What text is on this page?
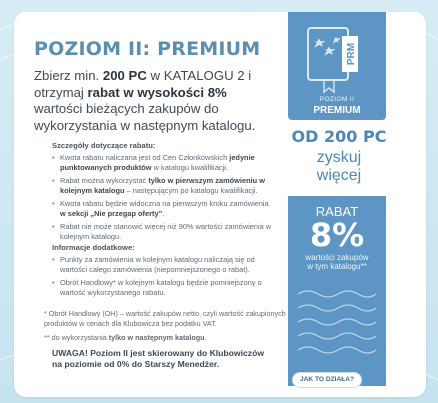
POZIOM II: PREMIUM
Zbierz min. 200 PC w KATALOGU 2 i otrzymaj rabat w wysokości 8% wartości bieżących zakupów do wykorzystania w następnym katalogu.
Szczegóły dotyczące rabatu:
• Kwota rabatu naliczana jest od Cen Członkowskich jedynie punktowanych produktów w katalogu kwalifikacji.
• Rabat można wykorzystać tylko w pierwszym zamówieniu w kolejnym katalogu – następującym po katalogu kwalifikacji.
• Kwota rabatu będzie widoczna na pierwszym kroku zamówienia w sekcji „Nie przegap oferty”.
• Rabat nie może stanowić więcej niż 90% wartości zamówienia w kolejnym katalogu.
Informacje dodatkowe:
• Punkty za zamówienia w kolejnym katalogu naliczają się od wartości całego zamówienia (niepomniejszonego o rabat).
• Obrót Handlowy* w kolejnym katalogu będzie pomniejszony o wartość wykorzystanego rabatu.
* Obrót Handlowy (OH) – wartość zakupów netto, czyli wartość zakupionych produktów w cenach dla Klubowicza bez podatku VAT.
** do wykorzystania tylko w następnym katalogu.
UWAGA! Poziom II jest skierowany do Klubowiczów
na poziomie od 0% do Starszy Menedżer.
PRM
POZIOM II
PREMIUM
OD 200 PC
zyskuj
więcej
RABAT
8%
wartości zakupów
w tym katalogu**
JAK TO DZIAŁA?
